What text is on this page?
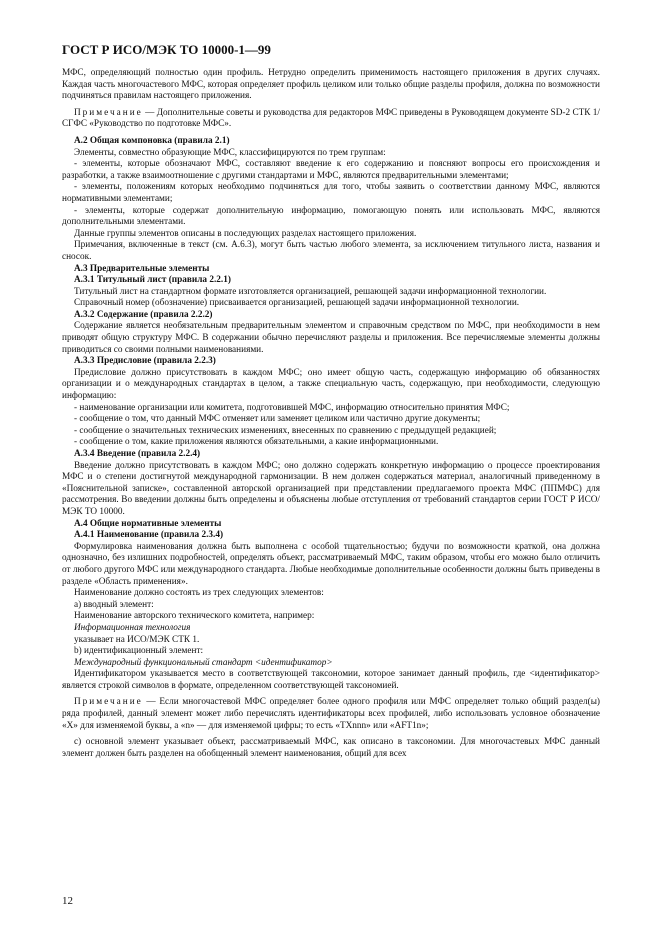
ГОСТ Р ИСО/МЭК ТО 10000-1—99

МФС, определяющий полностью один профиль. Нетрудно определить применимость настоящего приложения в других случаях. Каждая часть многочастевого МФС, которая определяет профиль целиком или только общие разделы профиля, должна по возможности подчиняться правилам настоящего приложения.

Примечание — Дополнительные советы и руководства для редакторов МФС приведены в Руководящем документе SD-2 СТК 1/СГФС «Руководство по подготовке МФС».

А.2 Общая компоновка (правила 2.1)

Элементы, совместно образующие МФС, классифицируются по трем группам:

- элементы, которые обозначают МФС, составляют введение к его содержанию и поясняют вопросы его происхождения и разработки, а также взаимоотношение с другими стандартами и МФС, являются предварительными элементами;

- элементы, положениям которых необходимо подчиняться для того, чтобы заявить о соответствии данному МФС, являются нормативными элементами;

- элементы, которые содержат дополнительную информацию, помогающую понять или использовать МФС, являются дополнительными элементами.

Данные группы элементов описаны в последующих разделах настоящего приложения.

Примечания, включенные в текст (см. А.6.3), могут быть частью любого элемента, за исключением титульного листа, названия и сносок.

А.3 Предварительные элементы

А.3.1 Титульный лист (правила 2.2.1)

Титульный лист на стандартном формате изготовляется организацией, решающей задачи информационной технологии.

Справочный номер (обозначение) присваивается организацией, решающей задачи информационной технологии.

А.3.2 Содержание (правила 2.2.2)

Содержание является необязательным предварительным элементом и справочным средством по МФС, при необходимости в нем приводят общую структуру МФС. В содержании обычно перечисляют разделы и приложения. Все перечисляемые элементы должны приводиться со своими полными наименованиями.

А.3.3 Предисловие (правила 2.2.3)

Предисловие должно присутствовать в каждом МФС; оно имеет общую часть, содержащую информацию об обязанностях организации и о международных стандартах в целом, а также специальную часть, содержащую, при необходимости, следующую информацию:

- наименование организации или комитета, подготовившей МФС, информацию относительно принятия МФС;

- сообщение о том, что данный МФС отменяет или заменяет целиком или частично другие документы;

- сообщение о значительных технических изменениях, внесенных по сравнению с предыдущей редакцией;

- сообщение о том, какие приложения являются обязательными, а какие информационными.

А.3.4 Введение (правила 2.2.4)

Введение должно присутствовать в каждом МФС; оно должно содержать конкретную информацию о процессе проектирования МФС и о степени достигнутой международной гармонизации. В нем должен содержаться материал, аналогичный приведенному в «Пояснительной записке», составленной авторской организацией при представлении предлагаемого проекта МФС (ППМФС) для рассмотрения. Во введении должны быть определены и объяснены любые отступления от требований стандартов серии ГОСТ Р ИСО/МЭК ТО 10000.

А.4 Общие нормативные элементы

А.4.1 Наименование (правила 2.3.4)

Формулировка наименования должна быть выполнена с особой тщательностью; будучи по возможности краткой, она должна однозначно, без излишних подробностей, определять объект, рассматриваемый МФС, таким образом, чтобы его можно было отличить от любого другого МФС или международного стандарта. Любые необходимые дополнительные особенности должны быть приведены в разделе «Область применения».

Наименование должно состоять из трех следующих элементов:

а) вводный элемент:

Наименование авторского технического комитета, например:

Информационная технология

указывает на ИСО/МЭК СТК 1.

b) идентификационный элемент:

Международный функциональный стандарт <идентификатор>

Идентификатором указывается место в соответствующей таксономии, которое занимает данный профиль, где <идентификатор> является строкой символов в формате, определенном соответствующей таксономией.

Примечание — Если многочастевой МФС определяет более одного профиля или МФС определяет только общий раздел(ы) ряда профилей, данный элемент может либо перечислять идентификаторы всех профилей, либо использовать условное обозначение «X» для изменяемой буквы, а «n» — для изменяемой цифры; то есть «ТХnnn» или «AFT1n»;

с) основной элемент указывает объект, рассматриваемый МФС, как описано в таксономии. Для многочастевых МФС данный элемент должен быть разделен на обобщенный элемент наименования, общий для всех

12
